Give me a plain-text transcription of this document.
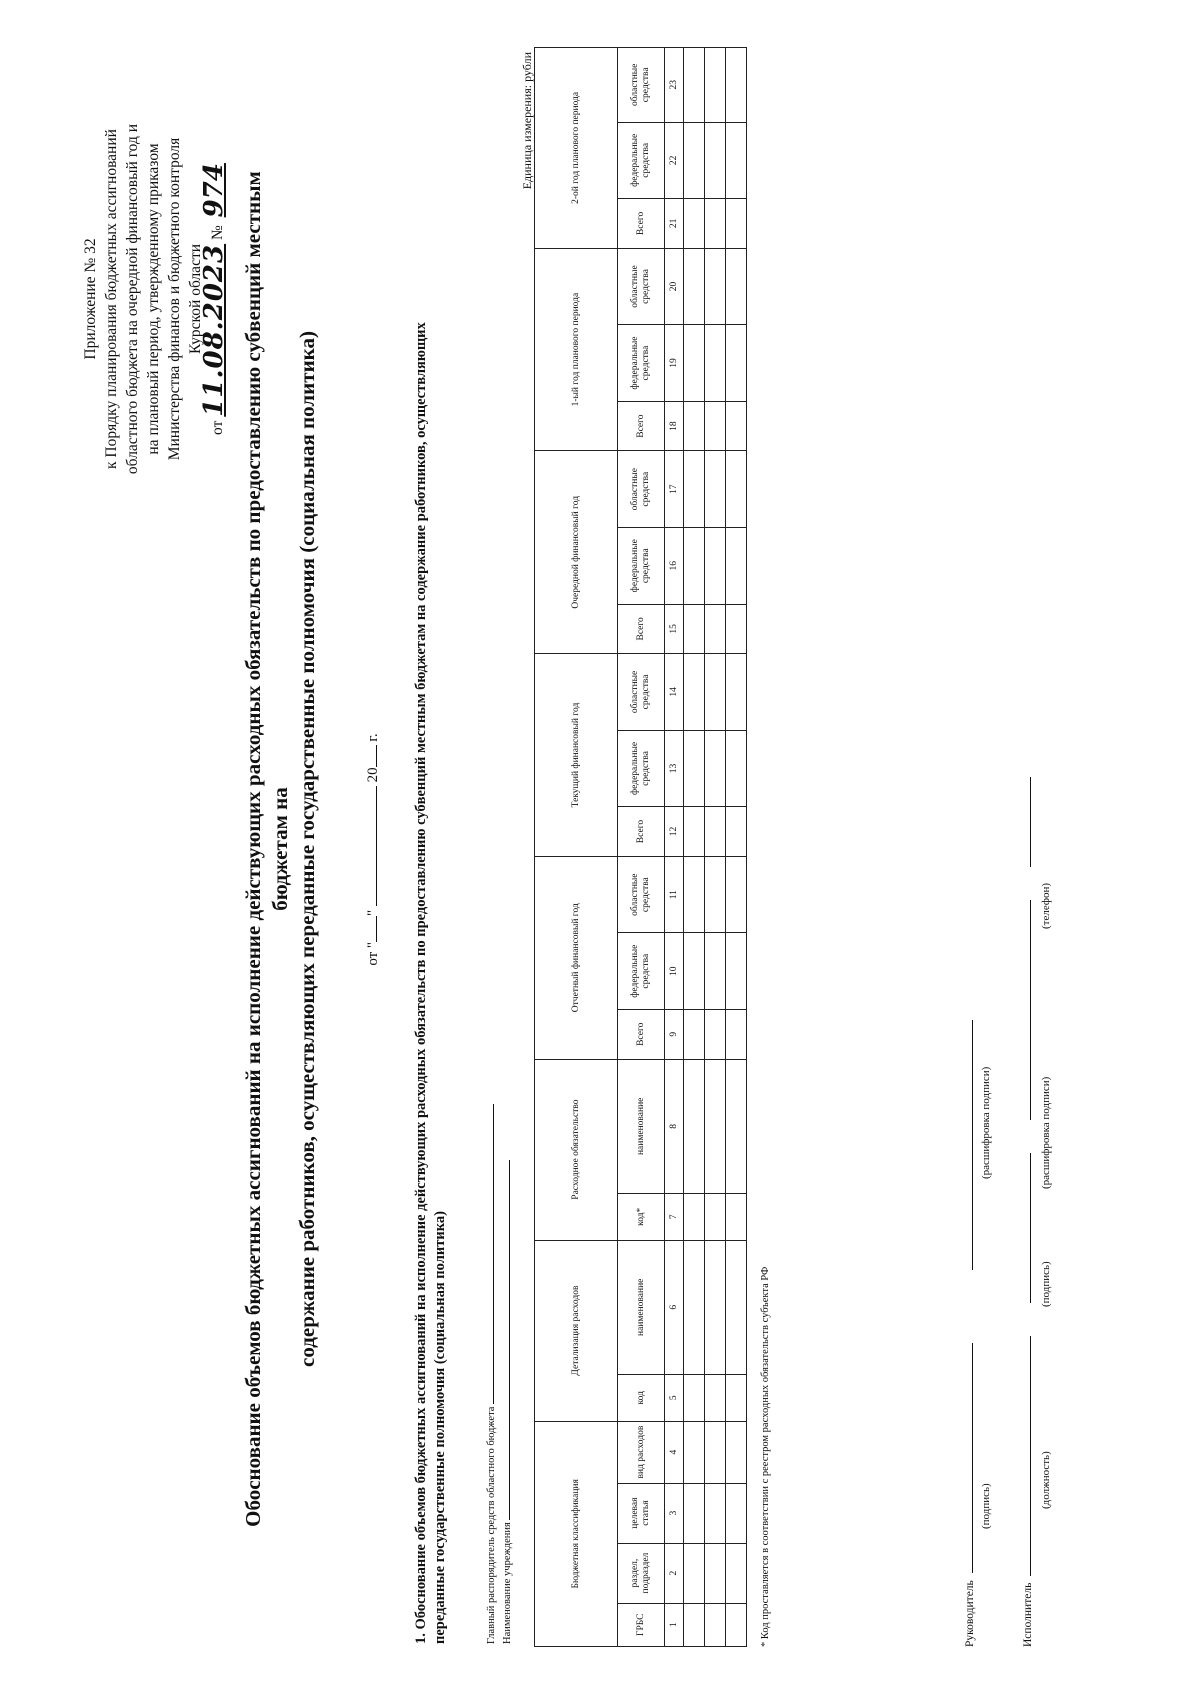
Приложение № 32 к Порядку планирования бюджетных ассигнований областного бюджета на очередной финансовый год и на плановый период, утвержденному приказом Министерства финансов и бюджетного контроля Курской области
от 11.08.2023 № 974 Обоснование объемов бюджетных ассигнований на исполнение действующих расходных обязательств по предоставлению субвенций местным бюджетам на содержание работников, осуществляющих переданные государственные полномочия (социальная политика)	от ""  20 г. 1. Обоснование объемов бюджетных ассигнований на исполнение действующих расходных обязательств по предоставлению субвенций местным бюджетам на содержание работников, осуществляющих переданные государственные полномочия (социальная политика)	Главный распорядитель средств областного бюджета Наименование учреждения
Единица измерения: рубли
Бюджетная классификация				Детализация расходов		Расходное обязательство		Отчетный финансовый год			Текущий финансовый год			Очередной финансовый год			1-ый год планового периода			2-ой год планового периода		
ГРБС	раздел, подраздел	целевая статья	вид расходов	код	наименование	код*	наименование	Всего	федеральные средства	областные средства	Всего	федеральные средства	областные средства	Всего	федеральные средства	областные средства	Всего	федеральные средства	областные средства	Всего	федеральные средства	областные средства
1	2	3	4	5	6	7	8	9	10	11	12	13	14	15	16	17	18	19	20	21	22	23

* Код проставляется в соответствии с реестром расходных обязательств субъекта РФ	Руководитель
(подпись)
(расшифровка подписи)
Исполнитель
(должность)
(подпись)
(расшифровка подписи)
(телефон)
